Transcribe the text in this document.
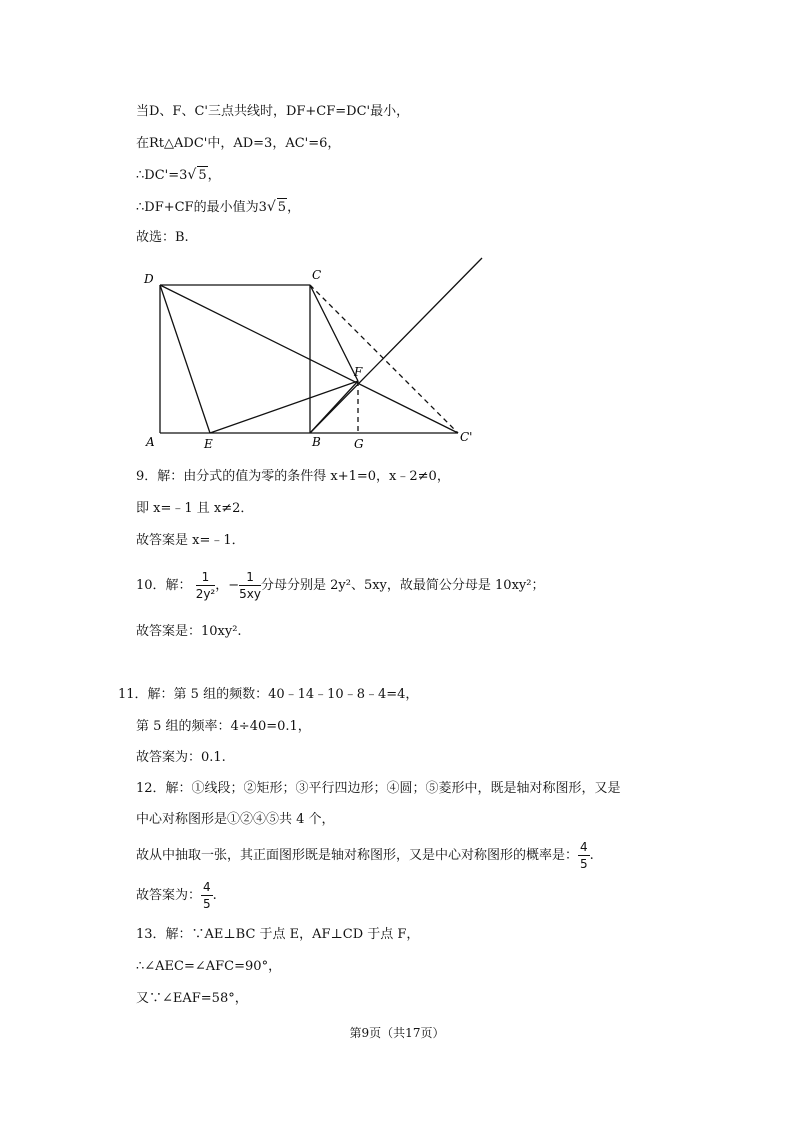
当D、F、C'三点共线时，DF+CF=DC'最小，
在Rt△ADC'中，AD=3，AC'=6，
∴DC'=3√ 5，
∴DF+CF的最小值为3√ 5，
故选：B.
D	C
F
A	E	B	G	C'
9．解：由分式的值为零的条件得 x+1=0，x﹣2≠0，
即 x=﹣1 且 x≠2．
故答案是 x=﹣1．
10．解： $\frac{1}{\text{2y²}}$ ，− $\frac{1}{5xy}$ 分母分别是 2y²、5xy，故最简公分母是 10xy²；
故答案是：10xy².
11．解：第 5 组的频数：40﹣14﹣10﹣8﹣4=4，
第 5 组的频率：4÷40=0.1，
故答案为：0.1.
12．解：①线段；②矩形；③平行四边形；④圆；⑤菱形中，既是轴对称图形，又是
中心对称图形是①②④⑤共 4 个，
故从中抽取一张，其正面图形既是轴对称图形，又是中心对称图形的概率是： $\frac{4}{5}$ .
故答案为： $\frac{4}{5}$ .
13．解：∵AE⊥BC 于点 E，AF⊥CD 于点 F，
∴∠AEC=∠AFC=90°，
又∵∠EAF=58°，
第9页（共17页）
